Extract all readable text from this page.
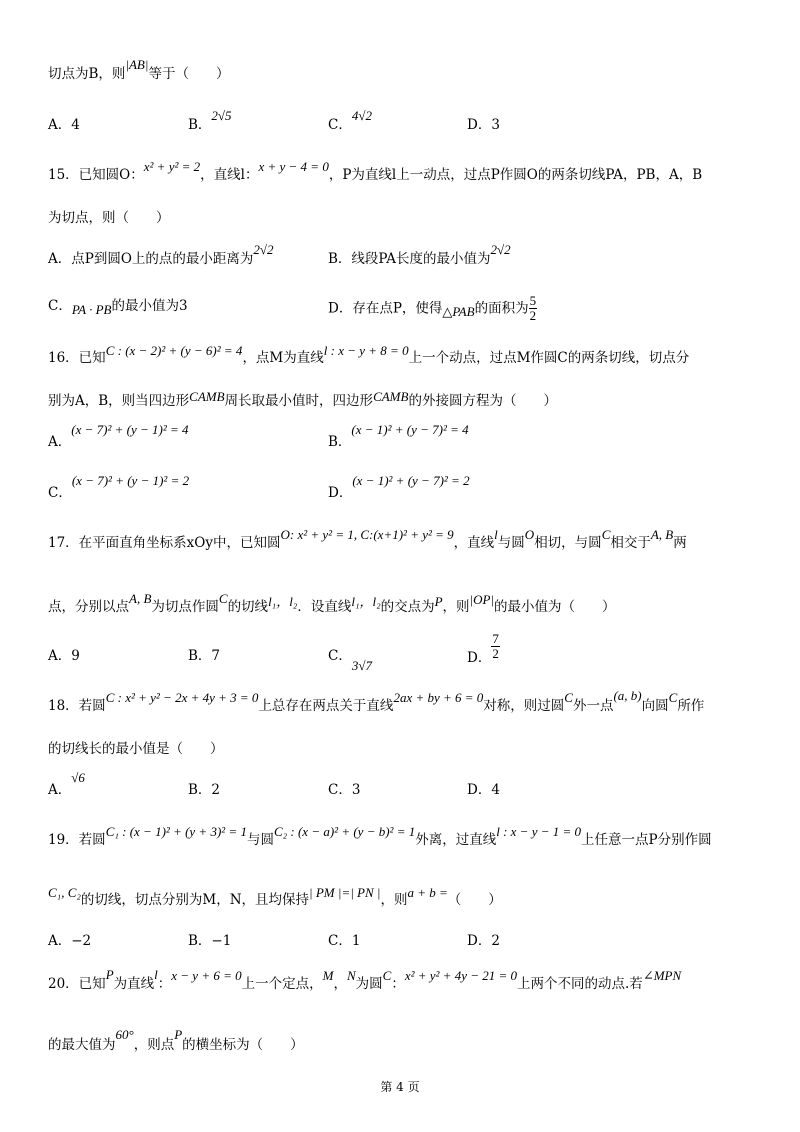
切点为B，则|AB|等于（　　）
A．4	B．2√5
C．4√2
D．3
15．已知圆O：x² + y² = 2，直线l：x + y − 4 = 0，P为直线l上一动点，过点P作圆O的两条切线PA，PB，A，B
为切点，则（　　）
A．点P到圆O上的点的最小距离为2√2
B．线段PA长度的最小值为2√2
C．PA · PB的最小值为3	D．存在点P，使得△PAB的面积为 $\frac{5}{2}$
16．已知C : (x − 2)² + (y − 6)² = 4，点M为直线l : x − y + 8 = 0上一个动点，过点M作圆C的两条切线，切点分
别为A，B，则当四边形CAMB周长取最小值时，四边形CAMB的外接圆方程为（　　）
A．(x − 7)² + (y − 1)² = 4
B．(x − 1)² + (y − 7)² = 4
C．(x − 7)² + (y − 1)² = 2
D．(x − 1)² + (y − 7)² = 2
17．在平面直角坐标系xOy中，已知圆O: x² + y² = 1, C:(x+1)² + y² = 9，直线l与圆O相切，与圆C相交于A, B两
点，分别以点A, B为切点作圆C的切线l₁，l₂．设直线l₁，l₂的交点为P，则|OP|的最小值为（　　）
A．9	B．7	C．3√7	D． $\frac{7}{2}$
18．若圆C : x² + y² − 2x + 4y + 3 = 0上总存在两点关于直线2ax + by + 6 = 0对称，则过圆C外一点(a, b)向圆C所作
的切线长的最小值是（　　）
A．√6
B．2	C．3	D．4
19．若圆C₁ : (x − 1)² + (y + 3)² = 1与圆C₂ : (x − a)² + (y − b)² = 1外离，过直线l : x − y − 1 = 0上任意一点P分别作圆
C₁, C₂的切线，切点分别为M，N，且均保持| PM |=| PN |，则a + b =（　　）
A．−2	B．−1	C．1	D．2
20．已知P为直线l：x − y + 6 = 0上一个定点，M，N为圆C：x² + y² + 4y − 21 = 0上两个不同的动点.若∠MPN
的最大值为60°，则点P的横坐标为（　　）
第 4 页
